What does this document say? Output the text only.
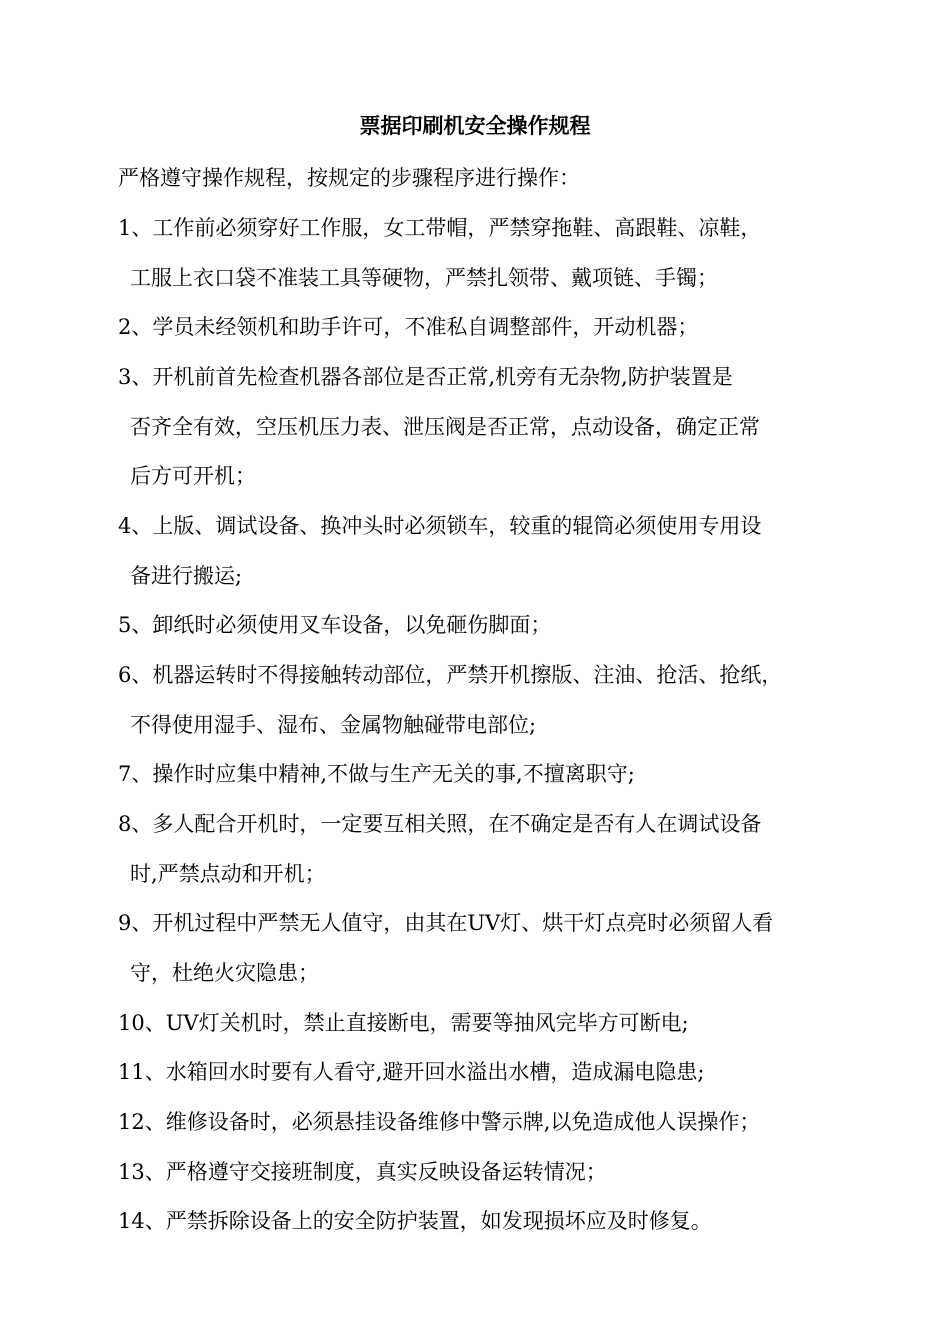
票据印刷机安全操作规程
严格遵守操作规程，按规定的步骤程序进行操作：
1、工作前必须穿好工作服，女工带帽，严禁穿拖鞋、高跟鞋、凉鞋，
工服上衣口袋不准装工具等硬物，严禁扎领带、戴项链、手镯；
2、学员未经领机和助手许可，不准私自调整部件，开动机器；
3、开机前首先检查机器各部位是否正常,机旁有无杂物,防护装置是
否齐全有效，空压机压力表、泄压阀是否正常，点动设备，确定正常
后方可开机；
4、上版、调试设备、换冲头时必须锁车，较重的辊筒必须使用专用设
备进行搬运;
5、卸纸时必须使用叉车设备，以免砸伤脚面；
6、机器运转时不得接触转动部位，严禁开机擦版、注油、抢活、抢纸，
不得使用湿手、湿布、金属物触碰带电部位;
7、操作时应集中精神,不做与生产无关的事,不擅离职守;
8、多人配合开机时，一定要互相关照，在不确定是否有人在调试设备
时,严禁点动和开机；
9、开机过程中严禁无人值守，由其在UV灯、烘干灯点亮时必须留人看
守，杜绝火灾隐患；
10、UV灯关机时，禁止直接断电，需要等抽风完毕方可断电;
11、水箱回水时要有人看守,避开回水溢出水槽，造成漏电隐患;
12、维修设备时，必须悬挂设备维修中警示牌,以免造成他人误操作；
13、严格遵守交接班制度，真实反映设备运转情况；
14、严禁拆除设备上的安全防护装置，如发现损坏应及时修复。
